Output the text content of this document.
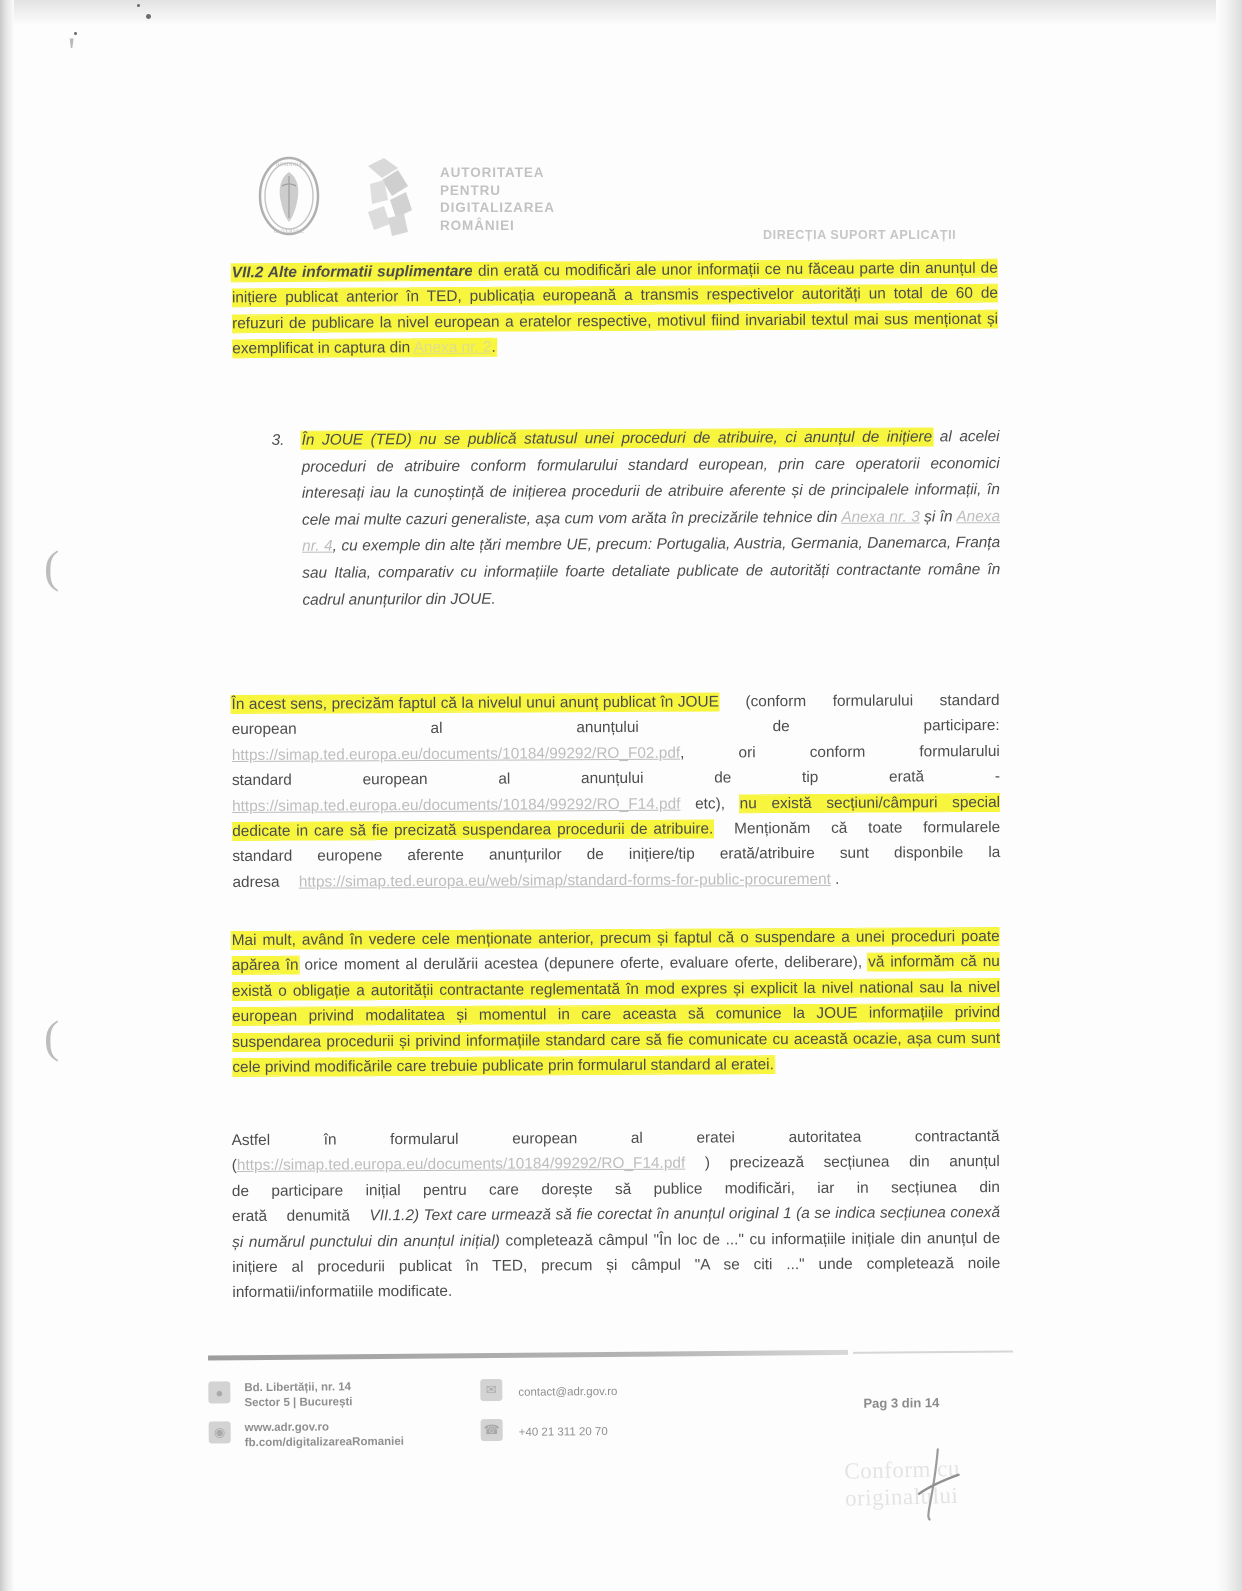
'
(
(
ROMANIA
GUVERNUL
AUTORITATEA
PENTRU
DIGITALIZAREA
ROMÂNIEI
DIRECȚIA SUPORT APLICAȚII

VII.2 Alte informatii suplimentare din erată cu modificări ale unor informații ce nu făceau parte din anunțul de inițiere publicat anterior în TED, publicația europeană a transmis respectivelor autorități un total de 60 de refuzuri de publicare la nivel european a eratelor respective, motivul fiind invariabil textul mai sus menționat și exemplificat in captura din Anexa nr. 2.

3.	În JOUE (TED) nu se publică statusul unei proceduri de atribuire, ci anunțul de inițiere al acelei proceduri de atribuire conform formularului standard european, prin care operatorii economici interesați iau la cunoștință de inițierea procedurii de atribuire aferente și de principalele informații, în cele mai multe cazuri generaliste, așa cum vom arăta în precizările tehnice din Anexa nr. 3 și în Anexa nr. 4, cu exemple din alte țări membre UE, precum: Portugalia, Austria, Germania, Danemarca, Franța sau Italia, comparativ cu informațiile foarte detaliate publicate de autorități contractante române în cadrul anunțurilor din JOUE.

În acest sens, precizăm faptul că la nivelul unui anunț publicat în JOUE (conform formularului standard european al anunțului de participare: https://simap.ted.europa.eu/documents/10184/99292/RO_F02.pdf, ori conform formularului standard european al anunțului de tip erată - https://simap.ted.europa.eu/documents/10184/99292/RO_F14.pdf etc), nu există secțiuni/câmpuri special dedicate in care să fie precizată suspendarea procedurii de atribuire. Menționăm că toate formularele standard europene aferente anunțurilor de inițiere/tip erată/atribuire sunt disponbile la adresa https://simap.ted.europa.eu/web/simap/standard-forms-for-public-procurement .

Mai mult, având în vedere cele menționate anterior, precum și faptul că o suspendare a unei proceduri poate apărea în orice moment al derulării acestea (depunere oferte, evaluare oferte, deliberare), vă informăm că nu există o obligație a autorității contractante reglementată în mod expres și explicit la nivel national sau la nivel european privind modalitatea și momentul in care aceasta să comunice la JOUE informațiile privind suspendarea procedurii și privind informațiile standard care să fie comunicate cu această ocazie, așa cum sunt cele privind modificările care trebuie publicate prin formularul standard al eratei.

Astfel în formularul european al eratei autoritatea contractantă (https://simap.ted.europa.eu/documents/10184/99292/RO_F14.pdf ) precizează secțiunea din anunțul de participare inițial pentru care dorește să publice modificări, iar in secțiunea din erată denumită VII.1.2) Text care urmează să fie corectat în anunțul original 1 (a se indica secțiunea conexă și numărul punctului din anunțul inițial) completează câmpul "În loc de ..." cu informațiile inițiale din anunțul de inițiere al procedurii publicat în TED, precum și câmpul "A se citi ..." unde completează noile informatii/informatiile modificate.

●	Bd. Libertății, nr. 14
Sector 5 | București
◉	www.adr.gov.ro
fb.com/digitalizareaRomaniei
✉	contact@adr.gov.ro
☎ +40 21 311 20 70
Pag 3 din 14
Conform cu
originalului
